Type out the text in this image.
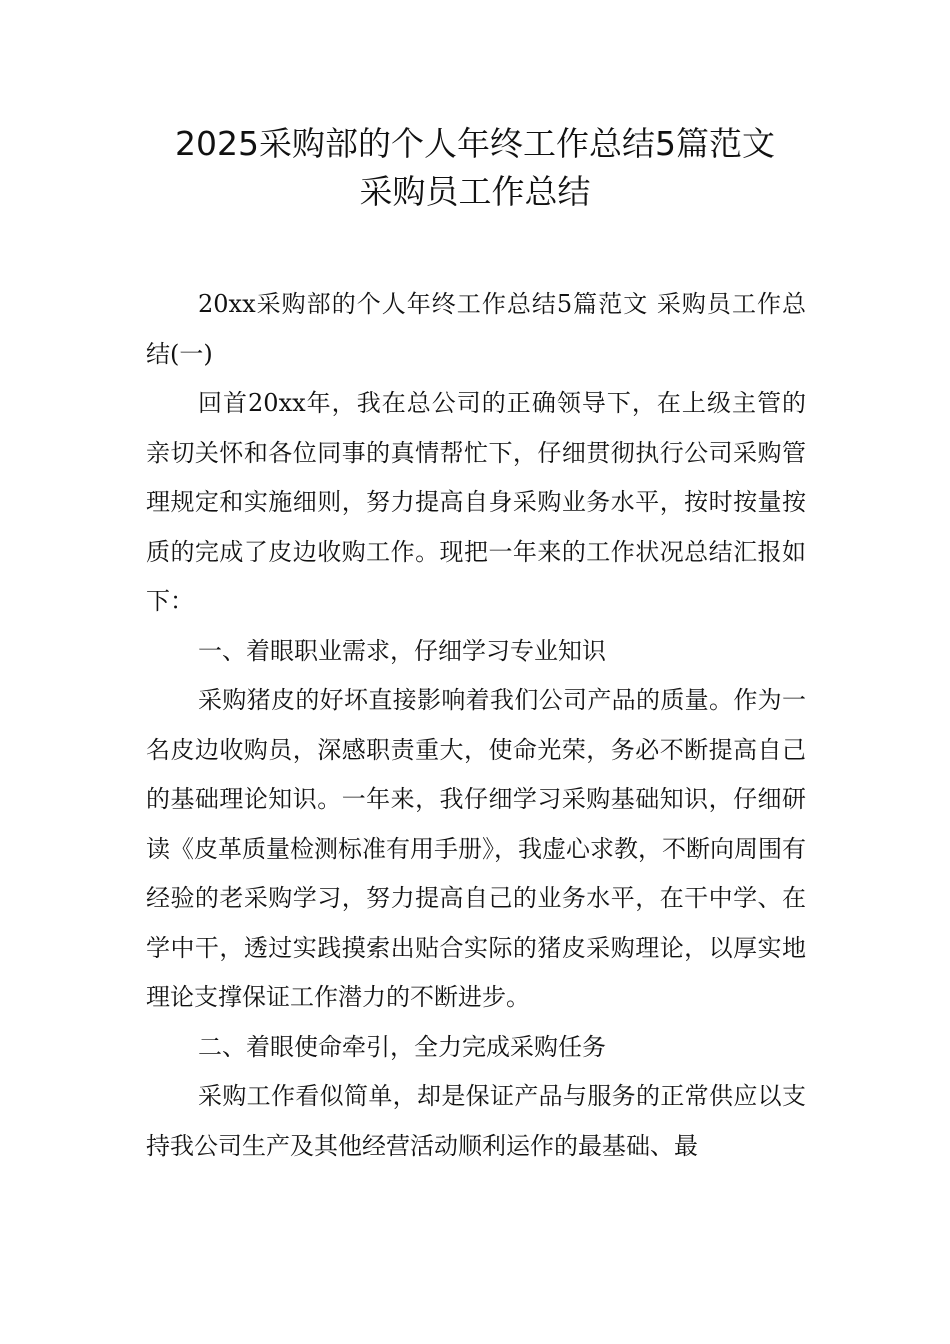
2025采购部的个人年终工作总结5篇范文
采购员工作总结

20xx采购部的个人年终工作总结5篇范文 采购员工作总结(一)

回首20xx年，我在总公司的正确领导下，在上级主管的亲切关怀和各位同事的真情帮忙下，仔细贯彻执行公司采购管理规定和实施细则，努力提高自身采购业务水平，按时按量按质的完成了皮边收购工作。现把一年来的工作状况总结汇报如下：

一、着眼职业需求，仔细学习专业知识

采购猪皮的好坏直接影响着我们公司产品的质量。作为一名皮边收购员，深感职责重大，使命光荣，务必不断提高自己的基础理论知识。一年来，我仔细学习采购基础知识，仔细研读《皮革质量检测标准有用手册》，我虚心求教，不断向周围有经验的老采购学习，努力提高自己的业务水平，在干中学、在学中干，透过实践摸索出贴合实际的猪皮采购理论，以厚实地理论支撑保证工作潜力的不断进步。

二、着眼使命牵引，全力完成采购任务

采购工作看似简单，却是保证产品与服务的正常供应以支持我公司生产及其他经营活动顺利运作的最基础、最
